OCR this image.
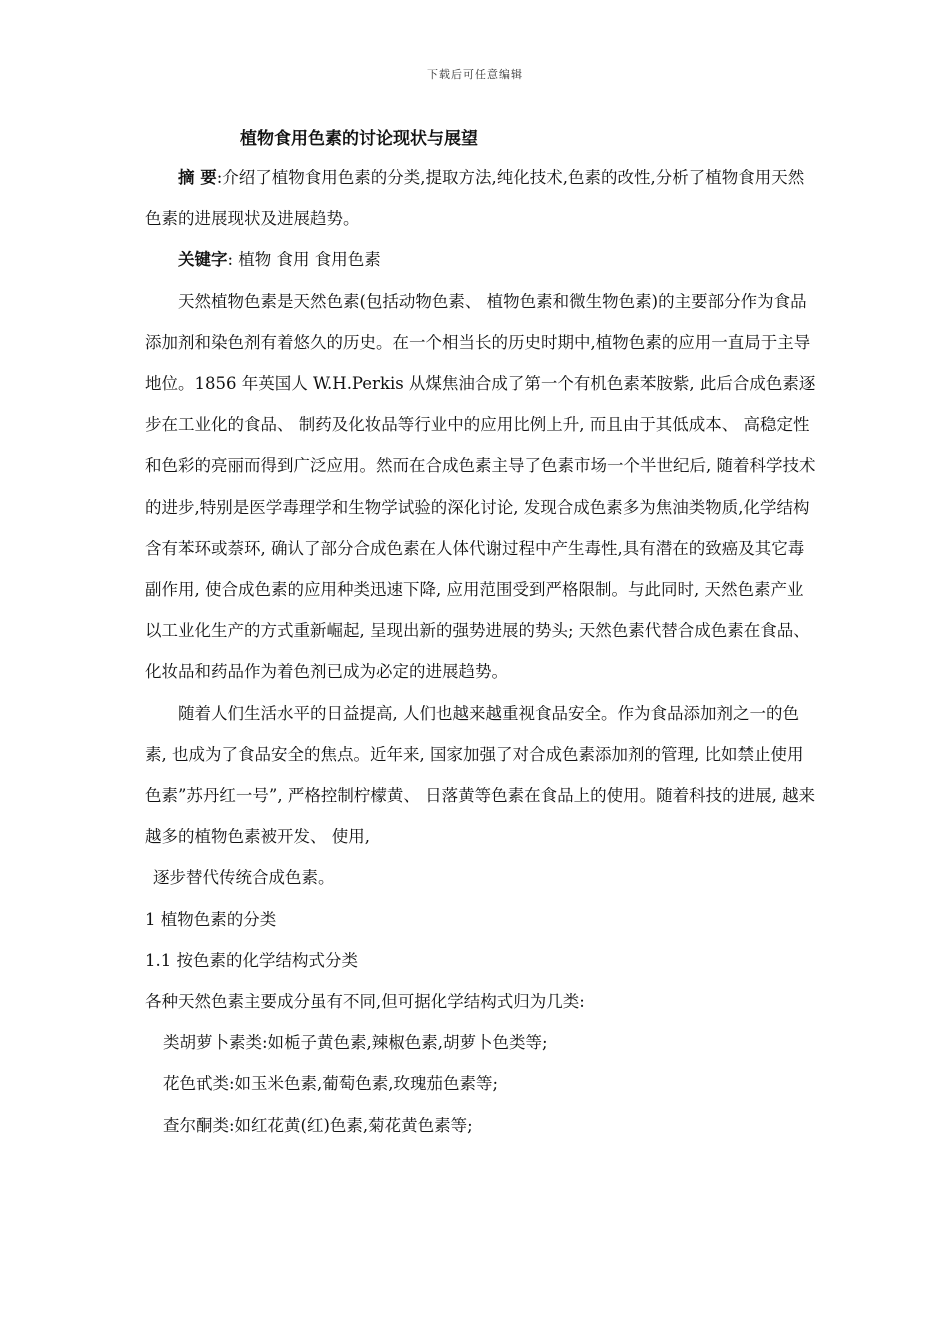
下载后可任意编辑
植物食用色素的讨论现状与展望

摘 要:介绍了植物食用色素的分类,提取方法,纯化技术,色素的改性,分析了植物食用天然色素的进展现状及进展趋势。

关键字: 植物 食用 食用色素

天然植物色素是天然色素(包括动物色素、 植物色素和微生物色素)的主要部分作为食品添加剂和染色剂有着悠久的历史。在一个相当长的历史时期中,植物色素的应用一直局于主导地位。1856 年英国人 W.H.Perkis 从煤焦油合成了第一个有机色素苯胺紫, 此后合成色素逐步在工业化的食品、 制药及化妆品等行业中的应用比例上升, 而且由于其低成本、 高稳定性和色彩的亮丽而得到广泛应用。然而在合成色素主导了色素市场一个半世纪后, 随着科学技术的进步,特别是医学毒理学和生物学试验的深化讨论, 发现合成色素多为焦油类物质,化学结构含有苯环或萘环, 确认了部分合成色素在人体代谢过程中产生毒性,具有潜在的致癌及其它毒副作用, 使合成色素的应用种类迅速下降, 应用范围受到严格限制。与此同时, 天然色素产业以工业化生产的方式重新崛起, 呈现出新的强势进展的势头; 天然色素代替合成色素在食品、 化妆品和药品作为着色剂已成为必定的进展趋势。

随着人们生活水平的日益提高, 人们也越来越重视食品安全。作为食品添加剂之一的色素, 也成为了食品安全的焦点。近年来, 国家加强了对合成色素添加剂的管理, 比如禁止使用色素”苏丹红一号”, 严格控制柠檬黄、 日落黄等色素在食品上的使用。随着科技的进展, 越来越多的植物色素被开发、 使用,

逐步替代传统合成色素。

1 植物色素的分类

1.1 按色素的化学结构式分类

各种天然色素主要成分虽有不同,但可据化学结构式归为几类:

类胡萝卜素类:如栀子黄色素,辣椒色素,胡萝卜色类等;

花色甙类:如玉米色素,葡萄色素,玫瑰茄色素等;

查尔酮类:如红花黄(红)色素,菊花黄色素等;
